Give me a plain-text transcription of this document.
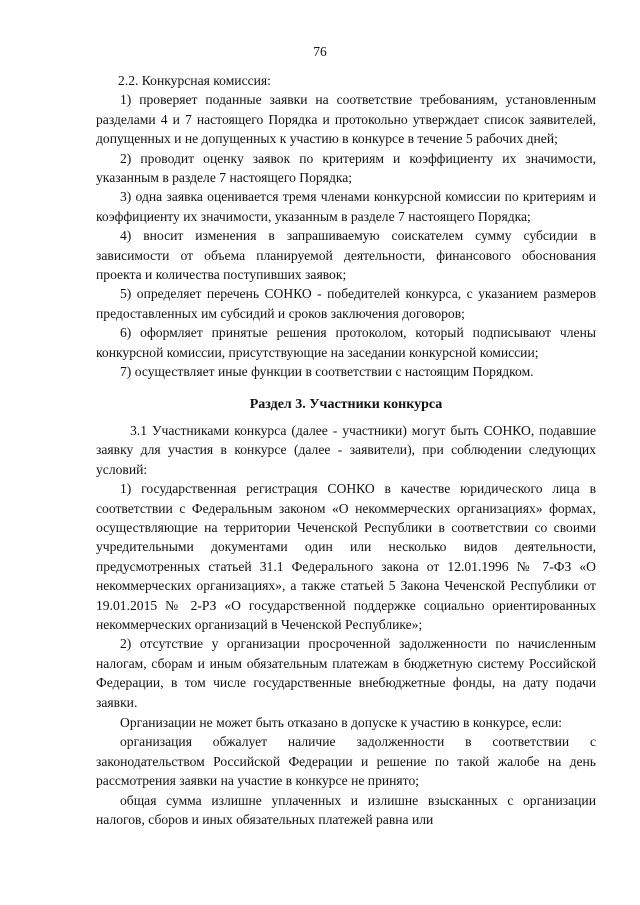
76

2.2. Конкурсная комиссия:

1) проверяет поданные заявки на соответствие требованиям, установленным разделами 4 и 7 настоящего Порядка и протокольно утверждает список заявителей, допущенных и не допущенных к участию в конкурсе в течение 5 рабочих дней;

2) проводит оценку заявок по критериям и коэффициенту их значимости, указанным в разделе 7 настоящего Порядка;

3) одна заявка оценивается тремя членами конкурсной комиссии по критериям и коэффициенту их значимости, указанным в разделе 7 настоящего Порядка;

4) вносит изменения в запрашиваемую соискателем сумму субсидии в зависимости от объема планируемой деятельности, финансового обоснования проекта и количества поступивших заявок;

5) определяет перечень СОНКО - победителей конкурса, с указанием размеров предоставленных им субсидий и сроков заключения договоров;

6) оформляет принятые решения протоколом, который подписывают члены конкурсной комиссии, присутствующие на заседании конкурсной комиссии;

7) осуществляет иные функции в соответствии с настоящим Порядком.

Раздел 3. Участники конкурса

3.1 Участниками конкурса (далее - участники) могут быть СОНКО, подавшие заявку для участия в конкурсе (далее - заявители), при соблюдении следующих условий:

1) государственная регистрация СОНКО в качестве юридического лица в соответствии с Федеральным законом «О некоммерческих организациях» формах, осуществляющие на территории Чеченской Республики в соответствии со своими учредительными документами один или несколько видов деятельности, предусмотренных статьей 31.1 Федерального закона от 12.01.1996 № 7-ФЗ «О некоммерческих организациях», а также статьей 5 Закона Чеченской Республики от 19.01.2015 № 2-РЗ «О государственной поддержке социально ориентированных некоммерческих организаций в Чеченской Республике»;

2) отсутствие у организации просроченной задолженности по начисленным налогам, сборам и иным обязательным платежам в бюджетную систему Российской Федерации, в том числе государственные внебюджетные фонды, на дату подачи заявки.

Организации не может быть отказано в допуске к участию в конкурсе, если:

организация обжалует наличие задолженности в соответствии с законодательством Российской Федерации и решение по такой жалобе на день рассмотрения заявки на участие в конкурсе не принято;

общая сумма излишне уплаченных и излишне взысканных с организации налогов, сборов и иных обязательных платежей равна или
